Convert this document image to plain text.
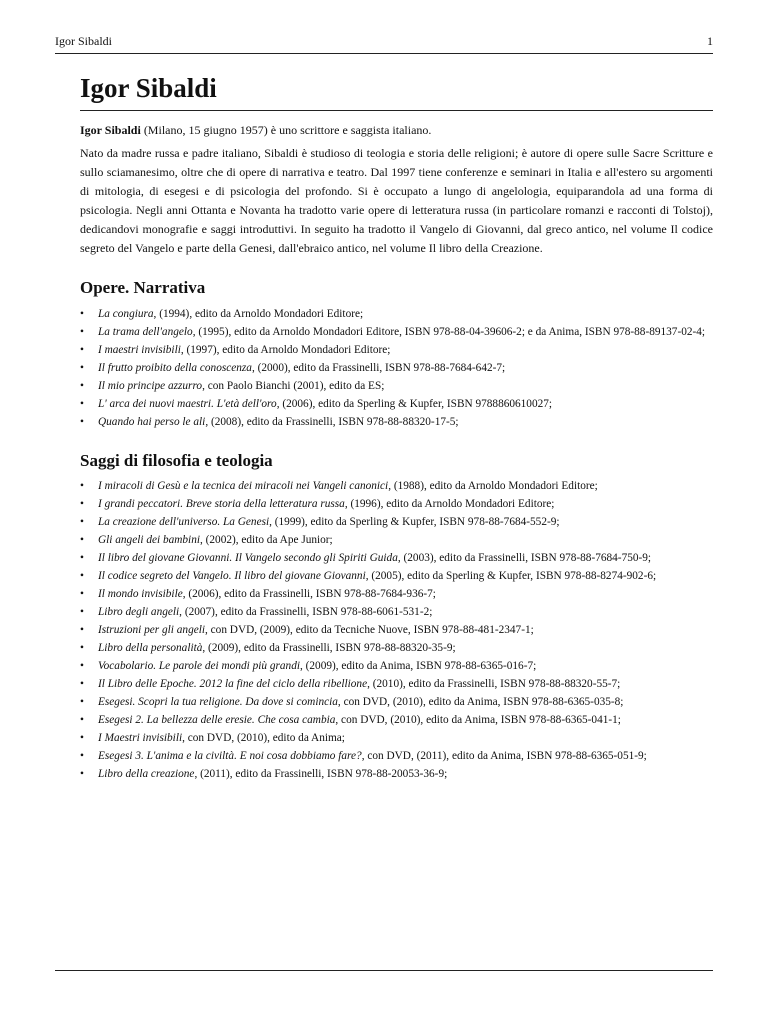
Igor Sibaldi	1
Igor Sibaldi

Igor Sibaldi (Milano, 15 giugno 1957) è uno scrittore e saggista italiano.

Nato da madre russa e padre italiano, Sibaldi è studioso di teologia e storia delle religioni; è autore di opere sulle Sacre Scritture e sullo sciamanesimo, oltre che di opere di narrativa e teatro. Dal 1997 tiene conferenze e seminari in Italia e all'estero su argomenti di mitologia, di esegesi e di psicologia del profondo. Si è occupato a lungo di angelologia, equiparandola ad una forma di psicologia. Negli anni Ottanta e Novanta ha tradotto varie opere di letteratura russa (in particolare romanzi e racconti di Tolstoj), dedicandovi monografie e saggi introduttivi. In seguito ha tradotto il Vangelo di Giovanni, dal greco antico, nel volume Il codice segreto del Vangelo e parte della Genesi, dall'ebraico antico, nel volume Il libro della Creazione.

Opere. Narrativa
• La congiura, (1994), edito da Arnoldo Mondadori Editore;
• La trama dell'angelo, (1995), edito da Arnoldo Mondadori Editore, ISBN 978-88-04-39606-2; e da Anima, ISBN 978-88-89137-02-4;
• I maestri invisibili, (1997), edito da Arnoldo Mondadori Editore;
• Il frutto proibito della conoscenza, (2000), edito da Frassinelli, ISBN 978-88-7684-642-7;
• Il mio principe azzurro, con Paolo Bianchi (2001), edito da ES;
• L' arca dei nuovi maestri. L'età dell'oro, (2006), edito da Sperling & Kupfer, ISBN 9788860610027;
• Quando hai perso le ali, (2008), edito da Frassinelli, ISBN 978-88-88320-17-5;
Saggi di filosofia e teologia
• I miracoli di Gesù e la tecnica dei miracoli nei Vangeli canonici, (1988), edito da Arnoldo Mondadori Editore;
• I grandi peccatori. Breve storia della letteratura russa, (1996), edito da Arnoldo Mondadori Editore;
• La creazione dell'universo. La Genesi, (1999), edito da Sperling & Kupfer, ISBN 978-88-7684-552-9;
• Gli angeli dei bambini, (2002), edito da Ape Junior;
• Il libro del giovane Giovanni. Il Vangelo secondo gli Spiriti Guida, (2003), edito da Frassinelli, ISBN 978-88-7684-750-9;
• Il codice segreto del Vangelo. Il libro del giovane Giovanni, (2005), edito da Sperling & Kupfer, ISBN 978-88-8274-902-6;
• Il mondo invisibile, (2006), edito da Frassinelli, ISBN 978-88-7684-936-7;
• Libro degli angeli, (2007), edito da Frassinelli, ISBN 978-88-6061-531-2;
• Istruzioni per gli angeli, con DVD, (2009), edito da Tecniche Nuove, ISBN 978-88-481-2347-1;
• Libro della personalità, (2009), edito da Frassinelli, ISBN 978-88-88320-35-9;
• Vocabolario. Le parole dei mondi più grandi, (2009), edito da Anima, ISBN 978-88-6365-016-7;
• Il Libro delle Epoche. 2012 la fine del ciclo della ribellione, (2010), edito da Frassinelli, ISBN 978-88-88320-55-7;
• Esegesi. Scopri la tua religione. Da dove si comincia, con DVD, (2010), edito da Anima, ISBN 978-88-6365-035-8;
• Esegesi 2. La bellezza delle eresie. Che cosa cambia, con DVD, (2010), edito da Anima, ISBN 978-88-6365-041-1;
• I Maestri invisibili, con DVD, (2010), edito da Anima;
• Esegesi 3. L'anima e la civiltà. E noi cosa dobbiamo fare?, con DVD, (2011), edito da Anima, ISBN 978-88-6365-051-9;
• Libro della creazione, (2011), edito da Frassinelli, ISBN 978-88-20053-36-9;
